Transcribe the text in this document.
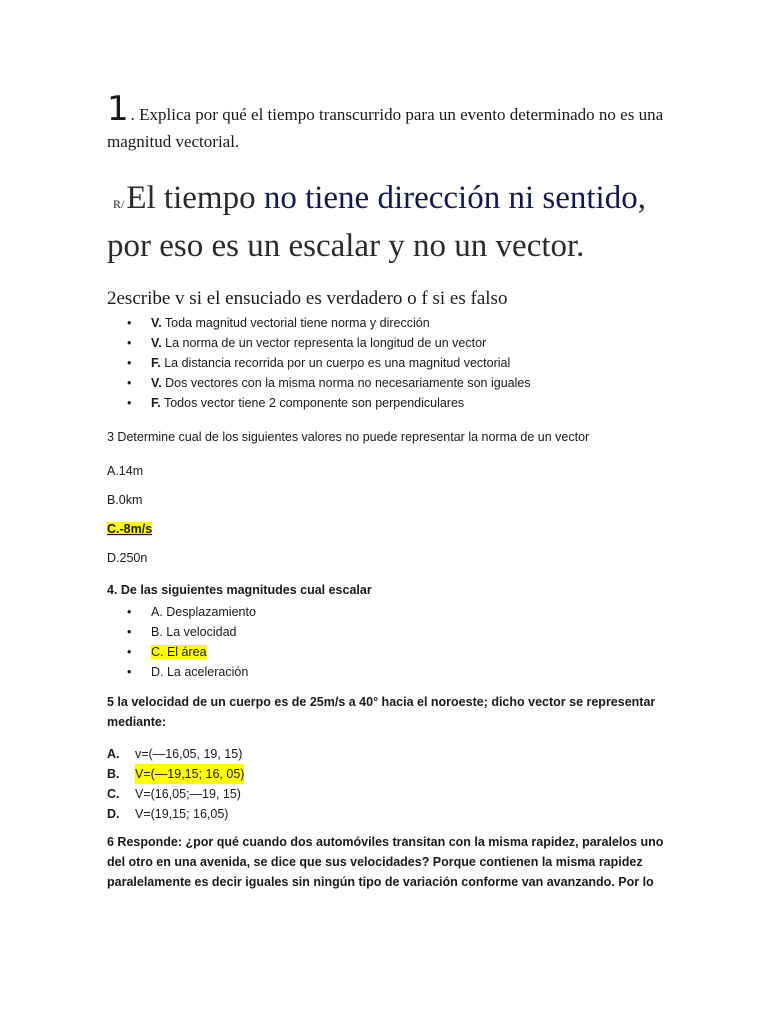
1 . Explica por qué el tiempo transcurrido para un evento determinado no es una magnitud vectorial.

R/El tiempo no tiene dirección ni sentido, por eso es un escalar y no un vector.
2escribe v si el ensuciado es verdadero o f si es falso
• V. Toda magnitud vectorial tiene norma y dirección
• V. La norma de un vector representa la longitud de un vector
• F. La distancia recorrida por un cuerpo es una magnitud vectorial
• V. Dos vectores con la misma norma no necesariamente son iguales
• F. Todos vector tiene 2 componente son perpendiculares

3 Determine cual de los siguientes valores no puede representar la norma de un vector

A.14m

B.0km

C.-8m/s

D.250n

4. De las siguientes magnitudes cual escalar

• A. Desplazamiento
• B. La velocidad
• C. El área
• D. La aceleración

5 la velocidad de un cuerpo es de 25m/s a 40° hacia el noroeste; dicho vector se representar mediante:

A.	v=(—16,05, 19, 15)
B.	V=(—19,15; 16, 05)
C.	V=(16,05;—19, 15)
D.	V=(19,15; 16,05)

6 Responde: ¿por qué cuando dos automóviles transitan con la misma rapidez, paralelos uno del otro en una avenida, se dice que sus velocidades? Porque contienen la misma rapidez paralelamente es decir iguales sin ningún tipo de variación conforme van avanzando. Por lo
